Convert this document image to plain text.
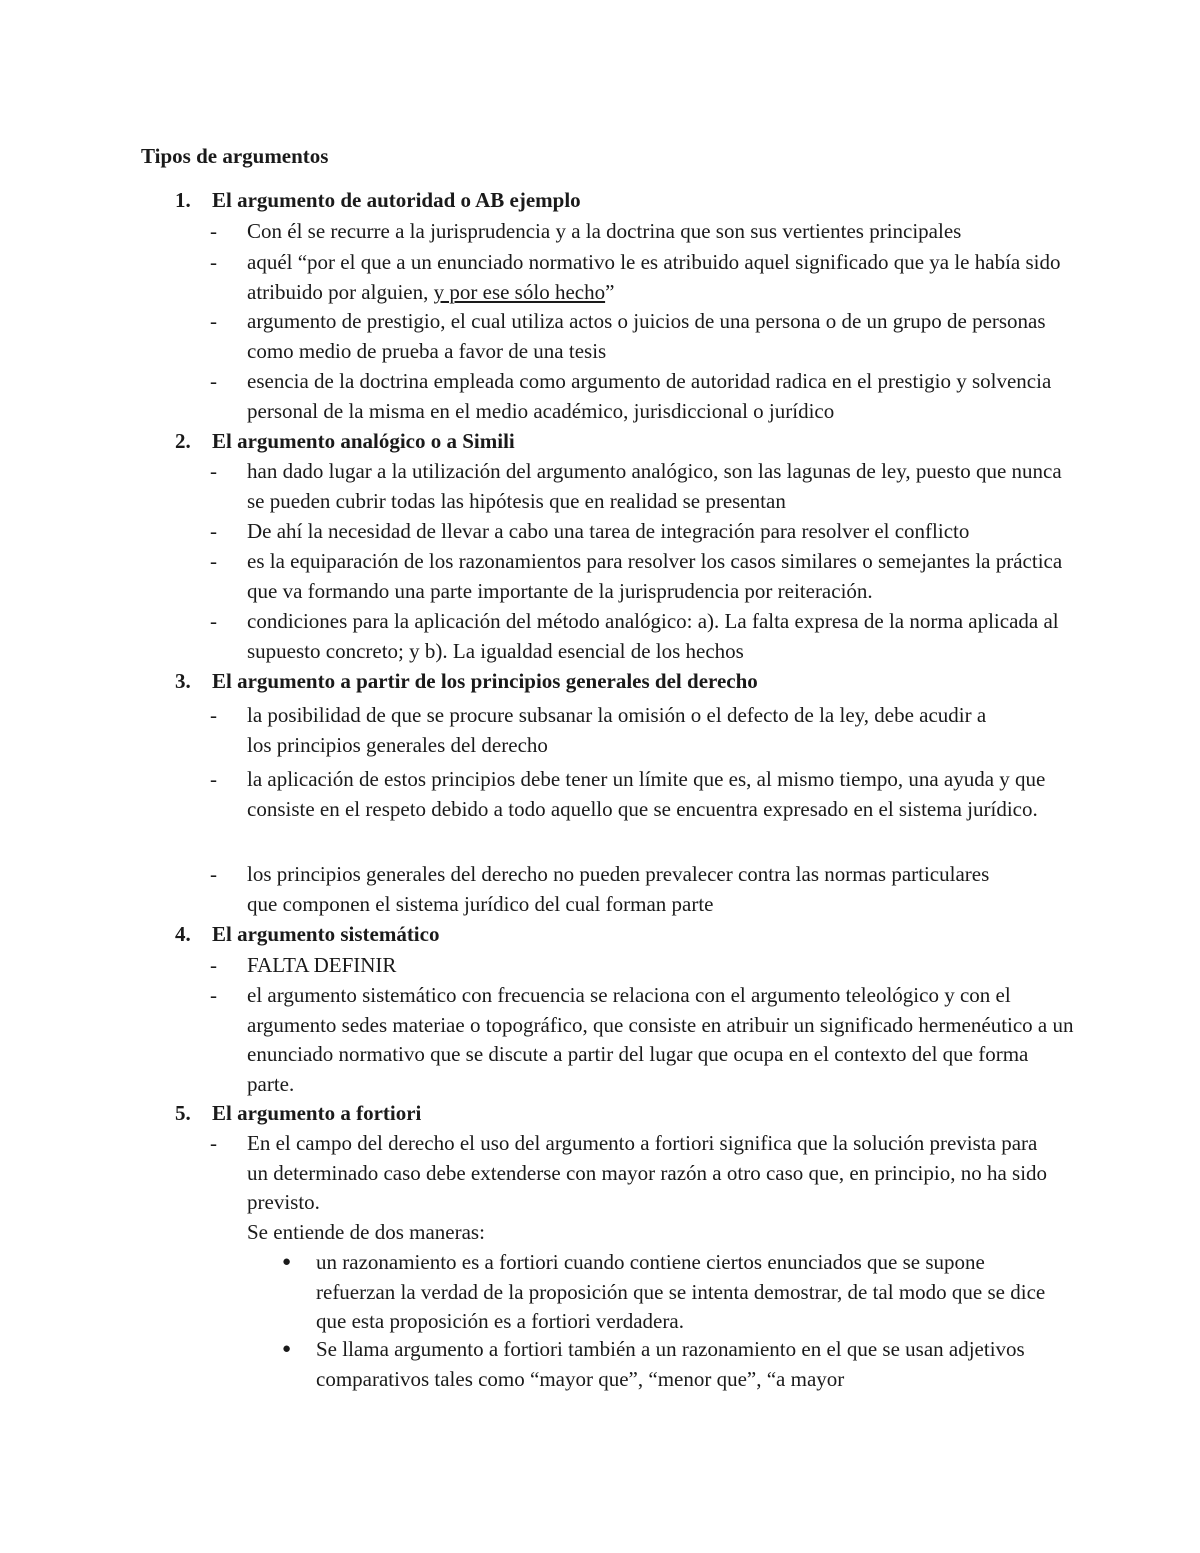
Tipos de argumentos
1. El argumento de autoridad o AB ejemplo
- Con él se recurre a la jurisprudencia y a la doctrina que son sus vertientes principales
- aquél “por el que a un enunciado normativo le es atribuido aquel significado que ya le había sido atribuido por alguien, y por ese sólo hecho”
- argumento de prestigio, el cual utiliza actos o juicios de una persona o de un grupo de personas como medio de prueba a favor de una tesis
- esencia de la doctrina empleada como argumento de autoridad radica en el prestigio y solvencia personal de la misma en el medio académico, jurisdiccional o jurídico
2. El argumento analógico o a Simili
- han dado lugar a la utilización del argumento analógico, son las lagunas de ley, puesto que nunca se pueden cubrir todas las hipótesis que en realidad se presentan
- De ahí la necesidad de llevar a cabo una tarea de integración para resolver el conflicto
- es la equiparación de los razonamientos para resolver los casos similares o semejantes la práctica que va formando una parte importante de la jurisprudencia por reiteración.
- condiciones para la aplicación del método analógico: a). La falta expresa de la norma aplicada al supuesto concreto; y b). La igualdad esencial de los hechos
3. El argumento a partir de los principios generales del derecho
- la posibilidad de que se procure subsanar la omisión o el defecto de la ley, debe acudir a los principios generales del derecho
- la aplicación de estos principios debe tener un límite que es, al mismo tiempo, una ayuda y que consiste en el respeto debido a todo aquello que se encuentra expresado en el sistema jurídico.
- los principios generales del derecho no pueden prevalecer contra las normas particulares que componen el sistema jurídico del cual forman parte
4. El argumento sistemático
- FALTA DEFINIR
- el argumento sistemático con frecuencia se relaciona con el argumento teleológico y con el argumento sedes materiae o topográfico, que consiste en atribuir un significado hermenéutico a un enunciado normativo que se discute a partir del lugar que ocupa en el contexto del que forma parte.
5. El argumento a fortiori
- En el campo del derecho el uso del argumento a fortiori significa que la solución prevista para un determinado caso debe extenderse con mayor razón a otro caso que, en principio, no ha sido previsto.
Se entiende de dos maneras:
● un razonamiento es a fortiori cuando contiene ciertos enunciados que se supone refuerzan la verdad de la proposición que se intenta demostrar, de tal modo que se dice que esta proposición es a fortiori verdadera.
● Se llama argumento a fortiori también a un razonamiento en el que se usan adjetivos comparativos tales como “mayor que”, “menor que”, “a mayor
